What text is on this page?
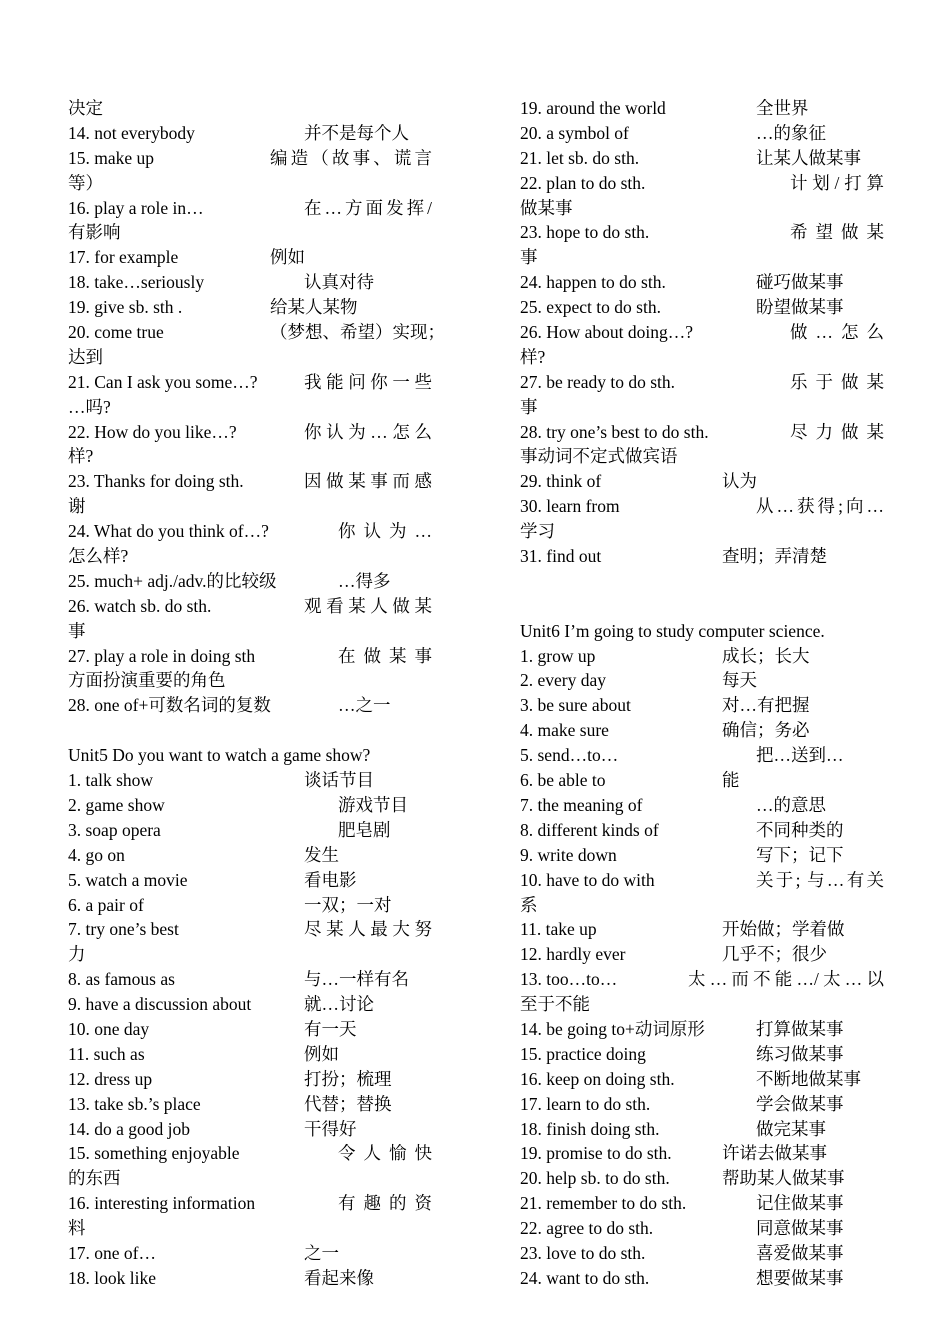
决定
14. not everybody	并不是每个人
15. make up	编造（故事、谎言
等）
16. play a role in…	在…方面发挥/
有影响
17. for example	例如
18. take…seriously	认真对待
19. give sb. sth .	给某人某物
20. come true	（梦想、希望）实现；
达到
21. Can I ask you some…?	我能问你一些
…吗?
22. How do you like…?	你认为…怎么
样?
23. Thanks for doing sth.	因做某事而感
谢
24. What do you think of…?	你认为…
怎么样?
25. much+ adj./adv.的比较级	…得多
26. watch sb. do sth.	观看某人做某
事
27. play a role in doing sth	在做某事
方面扮演重要的角色
28. one of+可数名词的复数	…之一
Unit5 Do you want to watch a game show?
1. talk show	谈话节目
2. game show	游戏节目
3. soap opera	肥皂剧
4. go on	发生
5. watch a movie	看电影
6. a pair of	一双；一对
7. try one’s best	尽某人最大努
力
8. as famous as	与…一样有名
9. have a discussion about	就…讨论
10. one day	有一天
11. such as	例如
12. dress up	打扮；梳理
13. take sb.’s place	代替；替换
14. do a good job	干得好
15. something enjoyable	令人愉快
的东西
16. interesting information	有趣的资
料
17. one of…	之一
18. look like	看起来像
19. around the world	全世界
20. a symbol of	…的象征
21. let sb. do sth.	让某人做某事
22. plan to do sth.	计划/打算
做某事
23. hope to do sth.	希望做某
事
24. happen to do sth.	碰巧做某事
25. expect to do sth.	盼望做某事
26. How about doing…?	做…怎么
样?
27. be ready to do sth.	乐于做某
事
28. try one’s best to do sth.	尽力做某
事动词不定式做宾语
29. think of	认为
30. learn from	从…获得;向…
学习
31. find out	查明；弄清楚
Unit6 I’m going to study computer science.
1. grow up	成长；长大
2. every day	每天
3. be sure about	对…有把握
4. make sure	确信；务必
5. send…to…	把…送到…
6. be able to	能
7. the meaning of	…的意思
8. different kinds of	不同种类的
9. write down	写下；记下
10. have to do with	关于; 与…有关
系
11. take up	开始做；学着做
12. hardly ever	几乎不；很少
13. too…to…	太…而不能…/太…以
至于不能
14. be going to+动词原形	打算做某事
15. practice doing	练习做某事
16. keep on doing sth.	不断地做某事
17. learn to do sth.	学会做某事
18. finish doing sth.	做完某事
19. promise to do sth.	许诺去做某事
20. help sb. to do sth.	帮助某人做某事
21. remember to do sth.	记住做某事
22. agree to do sth.	同意做某事
23. love to do sth.	喜爱做某事
24. want to do sth.	想要做某事
